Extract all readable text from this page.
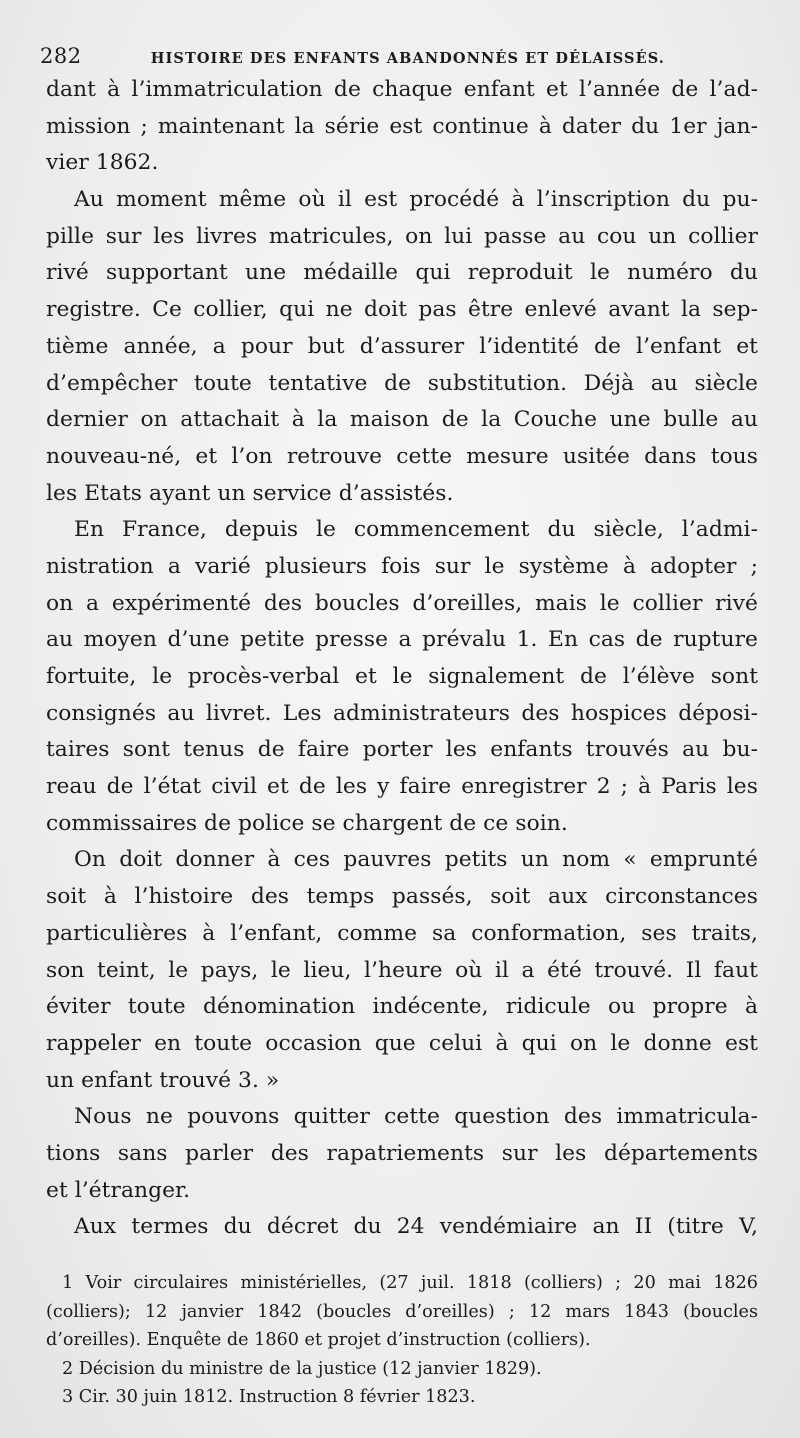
282	HISTOIRE DES ENFANTS ABANDONNÉS ET DÉLAISSÉS.
dant à l’immatriculation de chaque enfant et l’année de l’ad-
mission ; maintenant la série est continue à dater du 1er jan-
vier 1862.
Au moment même où il est procédé à l’inscription du pu-
pille sur les livres matricules, on lui passe au cou un collier
rivé supportant une médaille qui reproduit le numéro du
registre. Ce collier, qui ne doit pas être enlevé avant la sep-
tième année, a pour but d’assurer l’identité de l’enfant et
d’empêcher toute tentative de substitution. Déjà au siècle
dernier on attachait à la maison de la Couche une bulle au
nouveau-né, et l’on retrouve cette mesure usitée dans tous
les Etats ayant un service d’assistés.
En France, depuis le commencement du siècle, l’admi-
nistration a varié plusieurs fois sur le système à adopter ;
on a expérimenté des boucles d’oreilles, mais le collier rivé
au moyen d’une petite presse a prévalu 1. En cas de rupture
fortuite, le procès-verbal et le signalement de l’élève sont
consignés au livret. Les administrateurs des hospices déposi-
taires sont tenus de faire porter les enfants trouvés au bu-
reau de l’état civil et de les y faire enregistrer 2 ; à Paris les
commissaires de police se chargent de ce soin.
On doit donner à ces pauvres petits un nom « emprunté
soit à l’histoire des temps passés, soit aux circonstances
particulières à l’enfant, comme sa conformation, ses traits,
son teint, le pays, le lieu, l’heure où il a été trouvé. Il faut
éviter toute dénomination indécente, ridicule ou propre à
rappeler en toute occasion que celui à qui on le donne est
un enfant trouvé 3. »
Nous ne pouvons quitter cette question des immatricula-
tions sans parler des rapatriements sur les départements
et l’étranger.
Aux termes du décret du 24 vendémiaire an II (titre V,
1 Voir circulaires ministérielles, (27 juil. 1818 (colliers) ; 20 mai 1826
(colliers); 12 janvier 1842 (boucles d’oreilles) ; 12 mars 1843 (boucles
d’oreilles). Enquête de 1860 et projet d’instruction (colliers).
2 Décision du ministre de la justice (12 janvier 1829).
3 Cir. 30 juin 1812. Instruction 8 février 1823.
